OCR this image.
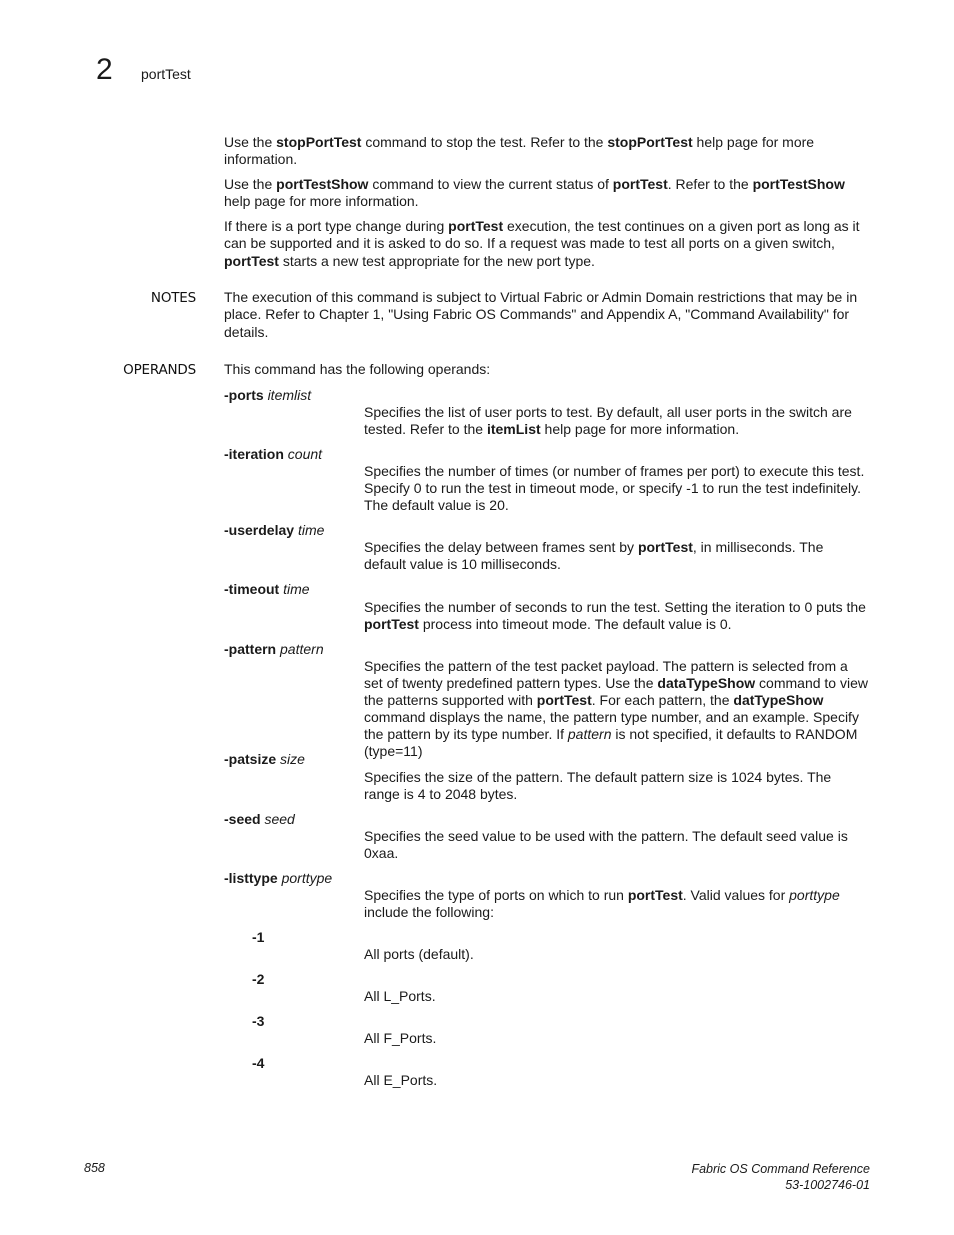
2 portTest

Use the stopPortTest command to stop the test. Refer to the stopPortTest help page for more information.

Use the portTestShow command to view the current status of portTest. Refer to the portTestShow help page for more information.

If there is a port type change during portTest execution, the test continues on a given port as long as it can be supported and it is asked to do so. If a request was made to test all ports on a given switch, portTest starts a new test appropriate for the new port type.

NOTES The execution of this command is subject to Virtual Fabric or Admin Domain restrictions that may be in place. Refer to Chapter 1, "Using Fabric OS Commands" and Appendix A, "Command Availability" for details.
OPERANDS This command has the following operands:
-ports itemlist
Specifies the list of user ports to test. By default, all user ports in the switch are tested. Refer to the itemList help page for more information.
-iteration count
Specifies the number of times (or number of frames per port) to execute this test. Specify 0 to run the test in timeout mode, or specify -1 to run the test indefinitely. The default value is 20.
-userdelay time
Specifies the delay between frames sent by portTest, in milliseconds. The default value is 10 milliseconds.
-timeout time
Specifies the number of seconds to run the test. Setting the iteration to 0 puts the portTest process into timeout mode. The default value is 0.
-pattern pattern
Specifies the pattern of the test packet payload. The pattern is selected from a set of twenty predefined pattern types. Use the dataTypeShow command to view the patterns supported with portTest. For each pattern, the datTypeShow command displays the name, the pattern type number, and an example. Specify the pattern by its type number. If pattern is not specified, it defaults to RANDOM (type=11)
-patsize size
Specifies the size of the pattern. The default pattern size is 1024 bytes. The range is 4 to 2048 bytes.
-seed seed
Specifies the seed value to be used with the pattern. The default seed value is 0xaa.
-listtype porttype
Specifies the type of ports on which to run portTest. Valid values for porttype include the following:
-1
All ports (default).
-2
All L_Ports.
-3
All F_Ports.
-4
All E_Ports.
858	Fabric OS Command Reference
53-1002746-01
